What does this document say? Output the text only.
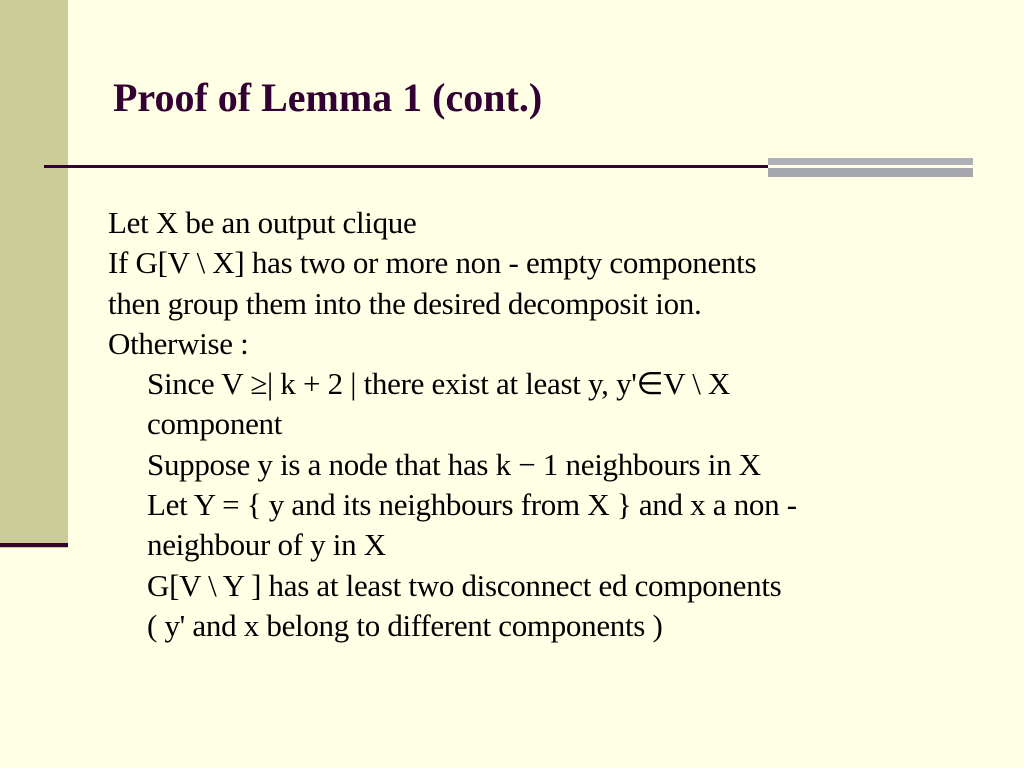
Proof of Lemma 1 (cont.)
Let X be an output clique
If G[V \ X] has two or more non - empty components
then group them into the desired decomposit ion.
Otherwise :
Since V ≥| k + 2 | there exist at least y, y'∈V \ X
component
Suppose y is a node that has k − 1 neighbours in X
Let Y = { y and its neighbours from X } and x a non -
neighbour of y in X
G[V \ Y ] has at least two disconnect ed components
( y' and x belong to different components )
